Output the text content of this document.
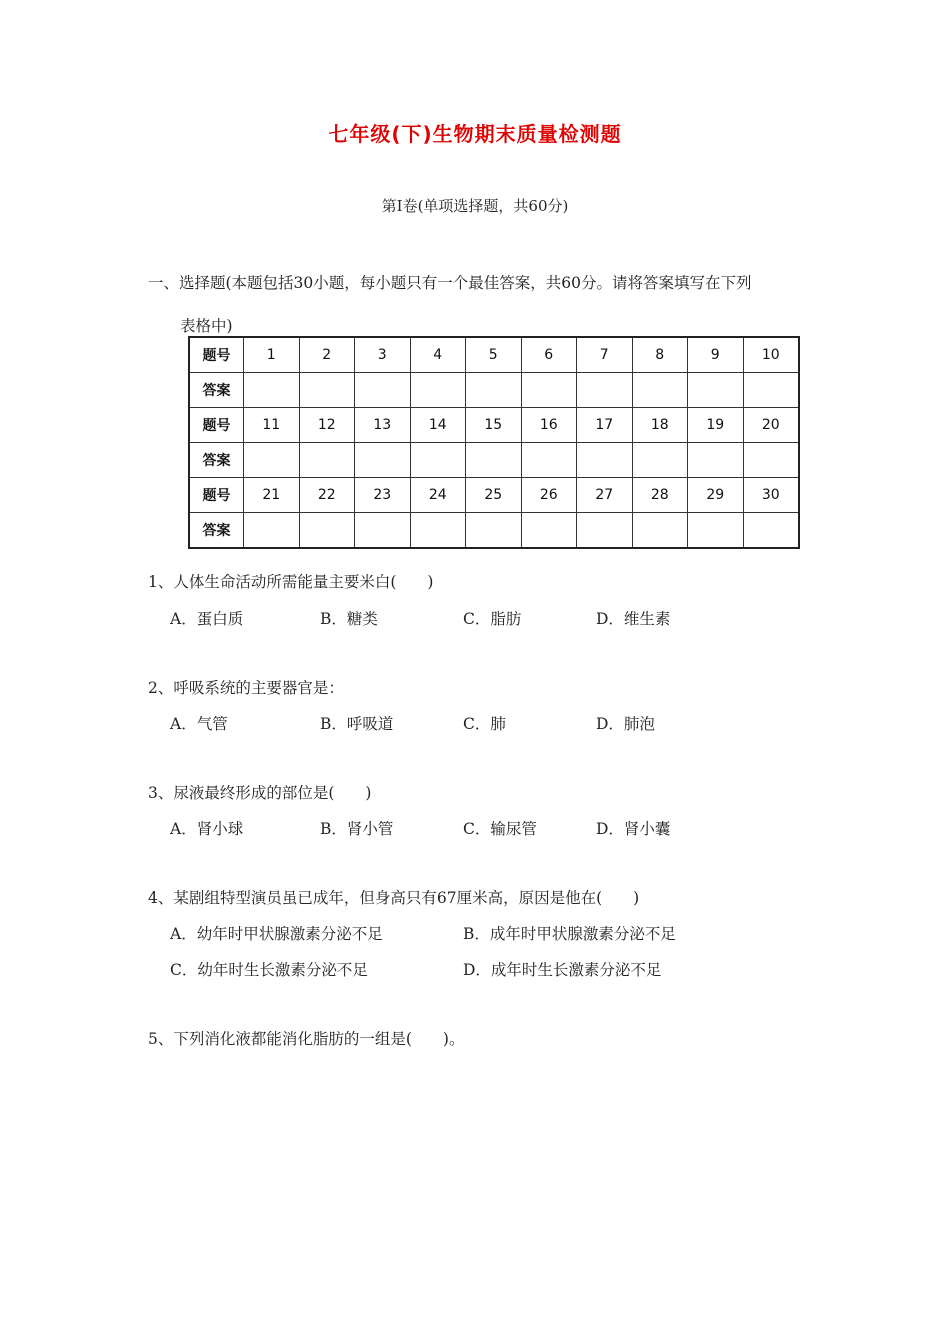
七年级(下)生物期末质量检测题
第Ⅰ卷(单项选择题，共60分)
一、选择题(本题包括30小题，每小题只有一个最佳答案，共60分。请将答案填写在下列
表格中)
题号	1	2	3	4	5	6	7	8	9	10
答案										
题号	11	12	13	14	15	16	17	18	19	20
答案										
题号	21	22	23	24	25	26	27	28	29	30
答案										
1、人体生命活动所需能量主要米白(　　)
A．蛋白质	B．糖类	C．脂肪	D．维生素
2、呼吸系统的主要器官是：
A．气管	B．呼吸道	C．肺	D．肺泡
3、尿液最终形成的部位是(　　)
A．肾小球	B．肾小管	C．输尿管	D．肾小囊
4、某剧组特型演员虽已成年，但身高只有67厘米高，原因是他在(　　)
A．幼年时甲状腺激素分泌不足	B．成年时甲状腺激素分泌不足
C．幼年时生长激素分泌不足	D．成年时生长激素分泌不足
5、下列消化液都能消化脂肪的一组是(　　)。
